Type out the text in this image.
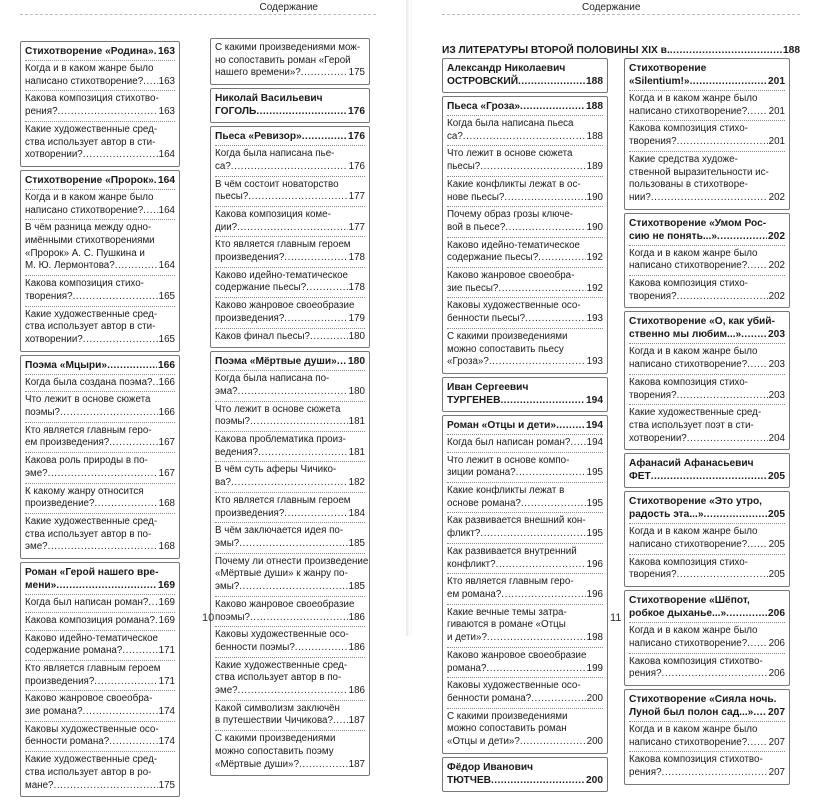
Содержание
Стихотворение «Родина» ..... 163
Когда и в каком жанре было
написано стихотворение? ..... 163
Какова композиция стихотво-
рения? .....	163
Какие художественные сред-
ства использует автор в сти-
хотворении? .....	164
Стихотворение «Пророк» ..... 164
Когда и в каком жанре было
написано стихотворение? ..... 164
В чём разница между одно-
имёнными стихотворениями
«Пророк» А. С. Пушкина и
М. Ю. Лермонтова? .....	164
Какова композиция стихо-
творения? .....	165
Какие художественные сред-
ства использует автор в сти-
хотворении? .....	165
Поэма «Мцыри» .....	166
Когда была создана поэма? ..... 166
Что лежит в основе сюжета
поэмы? .....	166
Кто является главным геро-
ем произведения? .....	167
Какова роль природы в по-
эме? .....	167
К какому жанру относится
произведение? .....	168
Какие художественные сред-
ства использует автор в по-
эме? .....	168
Роман «Герой нашего вре-
мени» .....	169
Когда был написан роман? ..... 169
Какова композиция романа? ..... 169
Каково идейно-тематическое
содержание романа? .....	171
Кто является главным героем
произведения? .....	171
Каково жанровое своеобра-
зие романа? .....	174
Каковы художественные осо-
бенности романа? .....	174
Какие художественные сред-
ства использует автор в ро-
мане? .....	175
С какими произведениями мож-
но сопоставить роман «Герой
нашего времени»? .....	175
Николай Васильевич
ГОГОЛЬ .....	176
Пьеса «Ревизор» .....	176
Когда была написана пье-
са? .....	176
В чём состоит новаторство
пьесы? .....	177
Какова композиция коме-
дии? .....	177
Кто является главным героем
произведения? .....	178
Каково идейно-тематическое
содержание пьесы? .....	178
Каково жанровое своеобразие
произведения? .....	179
Каков финал пьесы? .....	180
Поэма «Мёртвые души» ..... 180
Когда была написана по-
эма? .....	180
Что лежит в основе сюжета
поэмы? .....	181
Какова проблематика произ-
ведения? .....	181
В чём суть аферы Чичико-
ва? .....	182
Кто является главным героем
произведения? .....	184
В чём заключается идея по-
эмы? .....	185
Почему ли отнести произведение
«Мёртвые души» к жанру по-
эмы? .....	185
Каково жанровое своеобразие
поэмы? .....	186
Каковы художественные осо-
бенности поэмы? .....	186
Какие художественные сред-
ства использует автор в по-
эме? .....	186
Какой символизм заключён
в путешествии Чичикова? ..... 187
С какими произведениями
можно сопоставить поэму
«Мёртвые души»? .....	187
10
Содержание
ИЗ ЛИТЕРАТУРЫ ВТОРОЙ ПОЛОВИНЫ XIX в. .....	188
Александр Николаевич
ОСТРОВСКИЙ .....	188
Пьеса «Гроза» .....	188
Когда была написана пьеса
са? .....	188
Что лежит в основе сюжета
пьесы? .....	189
Какие конфликты лежат в ос-
нове пьесы? .....	190
Почему образ грозы ключе-
вой в пьесе? .....	190
Каково идейно-тематическое
содержание пьесы? .....	192
Каково жанровое своеобра-
зие пьесы? .....	192
Каковы художественные осо-
бенности пьесы? .....	193
С какими произведениями
можно сопоставить пьесу
«Гроза»? .....	193
Иван Сергеевич
ТУРГЕНЕВ .....	194
Роман «Отцы и дети» .....	194
Когда был написан роман? ..... 194
Что лежит в основе компо-
зиции романа? .....	195
Какие конфликты лежат в
основе романа? .....	195
Как развивается внешний кон-
фликт? .....	195
Как развивается внутренний
конфликт? .....	196
Кто является главным геро-
ем романа? .....	196
Какие вечные темы затра-
гиваются в романе «Отцы
и дети»? .....	198
Каково жанровое своеобразие
романа? .....	199
Каковы художественные осо-
бенности романа? .....	200
С какими произведениями
можно сопоставить роман
«Отцы и дети»? .....	200
Фёдор Иванович
ТЮТЧЕВ .....	200
Стихотворение
«Silentium!» .....	201
Когда и в каком жанре было
написано стихотворение? ..... 201
Какова композиция стихо-
творения? .....	201
Какие средства художе-
ственной выразительности ис-
пользованы в стихотворе-
нии? .....	202
Стихотворение «Умом Рос-
сию не понять...» .....	202
Когда и в каком жанре было
написано стихотворение? ..... 202
Какова композиция стихо-
творения? .....	202
Стихотворение «О, как убий-
ственно мы любим...» .....	203
Когда и в каком жанре было
написано стихотворение? ..... 203
Какова композиция стихо-
творения? .....	203
Какие художественные сред-
ства использует поэт в сти-
хотворении? .....	204
Афанасий Афанасьевич
ФЕТ .....	205
Стихотворение «Это утро,
радость эта...» .....	205
Когда и в каком жанре было
написано стихотворение? ..... 205
Какова композиция стихо-
творения? .....	205
Стихотворение «Шёпот,
робкое дыханье...» .....	206
Когда и в каком жанре было
написано стихотворение? ..... 206
Какова композиция стихотво-
рения? .....	206
Стихотворение «Сияла ночь.
Луной был полон сад...» ..... 207
Когда и в каком жанре было
написано стихотворение? ..... 207
Какова композиция стихотво-
рения? .....	207
11
